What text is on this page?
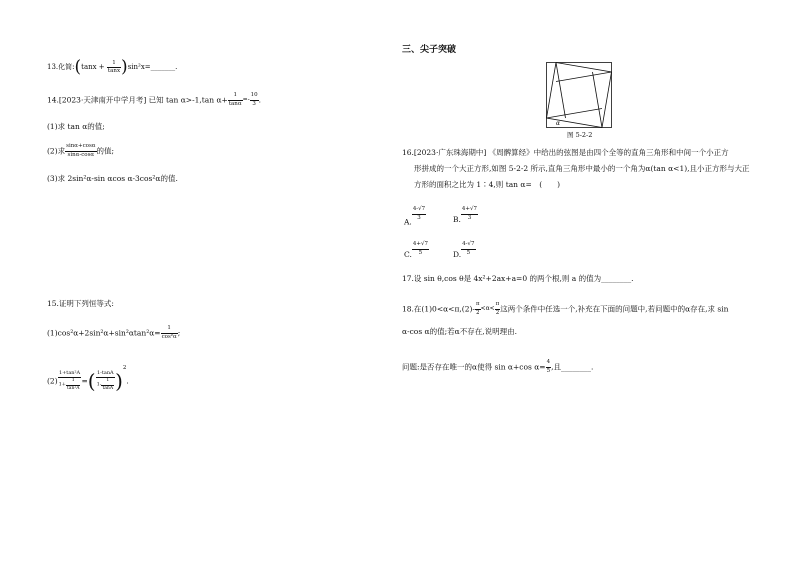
13.化简:(tanx + $\frac{1}{\tan x}$ )sin²x=_______.
14.[2023·天津南开中学月考] 已知 tan α>-1,tan $\alpha+ \frac{1}{\tan\alpha} =- \frac{10}{3}$ .
(1)求 tan α的值;
(2)求 $\frac{\sin\alpha+\cos\alpha}{\sin\alpha-\cos\alpha}$ 的值;
(3)求 2sin²α-sin αcos α-3cos²α的值.
15.证明下列恒等式:
$(1)\cos^2\alpha+2\sin^2\alpha+\sin^2\alpha\tan^2\alpha= \frac{1}{\text{cos²α}}$ ;
$(2) \frac{\text{1+tan²A}}{1+ \frac{1}{\text{tan²A}}}$ =( $\frac{1-\tan A}{1- \frac{1}{\tan A}} )^2$.
三、尖子突破
α
图 5-2-2
16.[2023·广东珠海期中] 《周髀算经》中给出的弦图是由四个全等的直角三角形和中间一个小正方
形拼成的一个大正方形,如图 5-2-2 所示,直角三角形中最小的一个角为α(tan α<1),且小正方形与大正
方形的面积之比为 1∶4,则 tan α=　(　　)
A.
$\frac{4-√7}{3}$	B. $\frac{4+√7}{3}$
C. $\frac{4+√7}{5}$	D. $\frac{4-√7}{5}$
17.设 sin θ,cos θ是 4x²+2ax+a=0 的两个根,则 a 的值为________.
18.在$(1)0<\alpha<\pi,(2)- \frac{\pi}{2} <\alpha< \frac{\pi}{2}$ 这两个条件中任选一个,补充在下面的问题中,若问题中的α存在,求 sin
α-cos α的值;若α不存在,说明理由.
问题:是否存在唯一的α使得 sin α+cos $\alpha= \frac{4}{5}$ ,且________.
